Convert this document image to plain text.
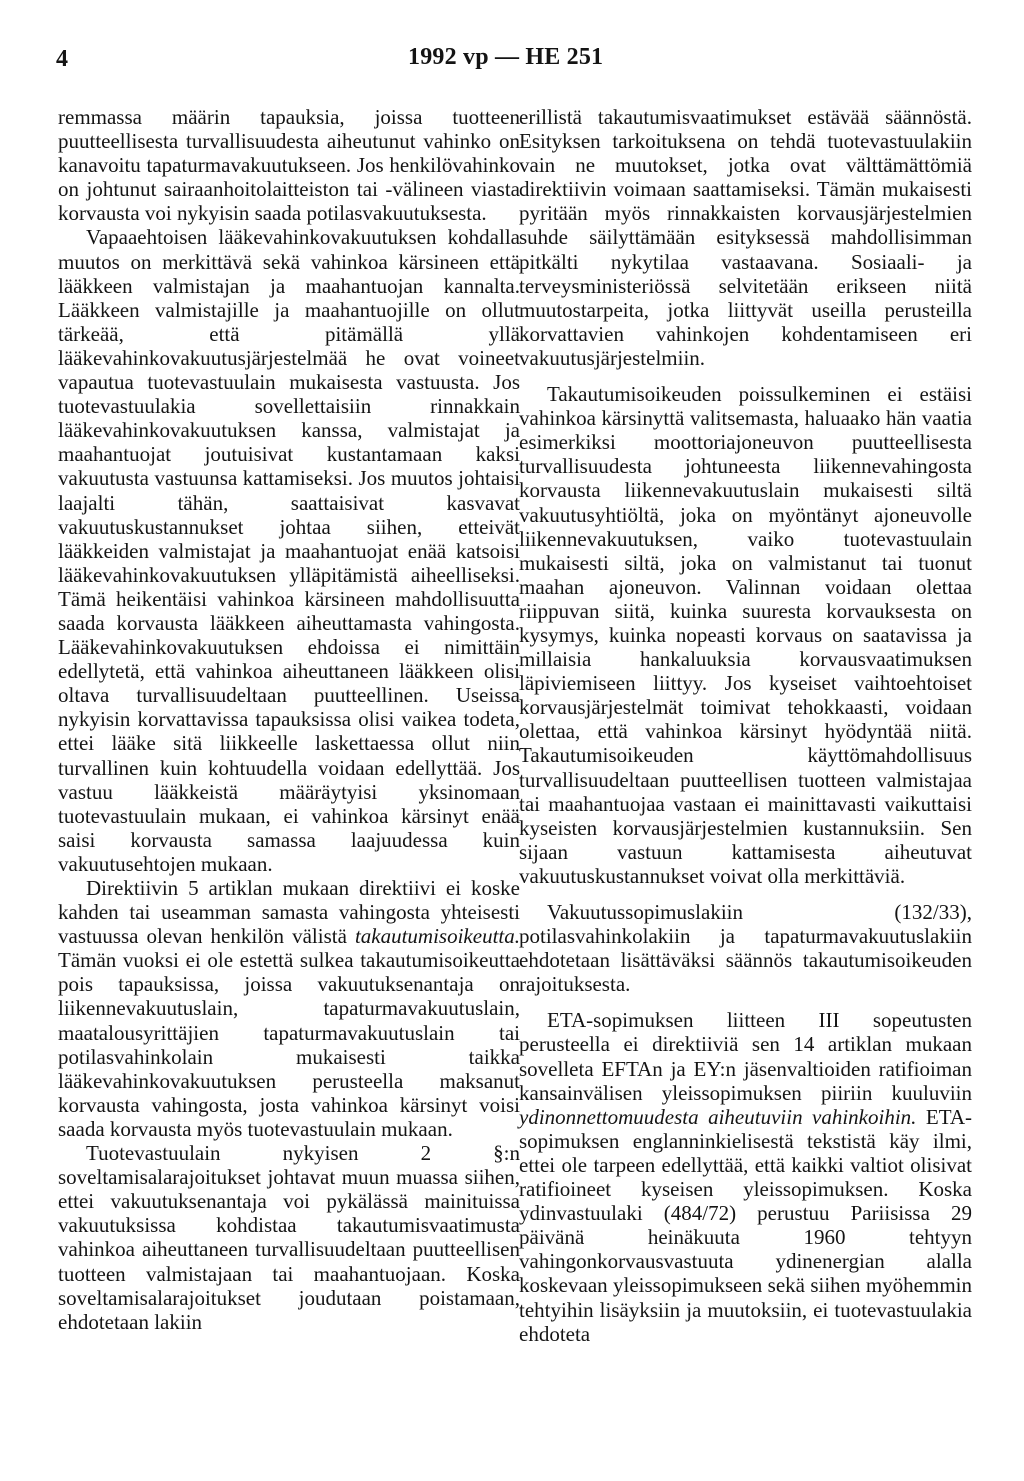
4	1992 vp — HE 251

remmassa määrin tapauksia, joissa tuotteen puutteellisesta turvallisuudesta aiheutunut vahinko on kanavoitu tapaturmavakuutukseen. Jos henkilövahinko on johtunut sairaanhoitolaitteiston tai -välineen viasta korvausta voi nykyisin saada potilasvakuutuksesta.

Vapaaehtoisen lääkevahinkovakuutuksen kohdalla muutos on merkittävä sekä vahinkoa kärsineen että lääkkeen valmistajan ja maahantuojan kannalta. Lääkkeen valmistajille ja maahantuojille on ollut tärkeää, että pitämällä yllä lääkevahinkovakuutusjärjestelmää he ovat voineet vapautua tuotevastuulain mukaisesta vastuusta. Jos tuotevastuulakia sovellettaisiin rinnakkain lääkevahinkovakuutuksen kanssa, valmistajat ja maahantuojat joutuisivat kustantamaan kaksi vakuutusta vastuunsa kattamiseksi. Jos muutos johtaisi laajalti tähän, saattaisivat kasvavat vakuutuskustannukset johtaa siihen, etteivät lääkkeiden valmistajat ja maahantuojat enää katsoisi lääkevahinkovakuutuksen ylläpitämistä aiheelliseksi. Tämä heikentäisi vahinkoa kärsineen mahdollisuutta saada korvausta lääkkeen aiheuttamasta vahingosta. Lääkevahinkovakuutuksen ehdoissa ei nimittäin edellytetä, että vahinkoa aiheuttaneen lääkkeen olisi oltava turvallisuudeltaan puutteellinen. Useissa nykyisin korvattavissa tapauksissa olisi vaikea todeta, ettei lääke sitä liikkeelle laskettaessa ollut niin turvallinen kuin kohtuudella voidaan edellyttää. Jos vastuu lääkkeistä määräytyisi yksinomaan tuotevastuulain mukaan, ei vahinkoa kärsinyt enää saisi korvausta samassa laajuudessa kuin vakuutusehtojen mukaan.

Direktiivin 5 artiklan mukaan direktiivi ei koske kahden tai useamman samasta vahingosta yhteisesti vastuussa olevan henkilön välistä takautumisoikeutta. Tämän vuoksi ei ole estettä sulkea takautumisoikeutta pois tapauksissa, joissa vakuutuksenantaja on liikennevakuutuslain, tapaturmavakuutuslain, maatalousyrittäjien tapaturmavakuutuslain tai potilasvahinkolain mukaisesti taikka lääkevahinkovakuutuksen perusteella maksanut korvausta vahingosta, josta vahinkoa kärsinyt voisi saada korvausta myös tuotevastuulain mukaan.

Tuotevastuulain nykyisen 2 §:n soveltamisalarajoitukset johtavat muun muassa siihen, ettei vakuutuksenantaja voi pykälässä mainituissa vakuutuksissa kohdistaa takautumisvaatimusta vahinkoa aiheuttaneen turvallisuudeltaan puutteellisen tuotteen valmistajaan tai maahantuojaan. Koska soveltamisalarajoitukset joudutaan poistamaan, ehdotetaan lakiin

erillistä takautumisvaatimukset estävää säännöstä. Esityksen tarkoituksena on tehdä tuotevastuulakiin vain ne muutokset, jotka ovat välttämättömiä direktiivin voimaan saattamiseksi. Tämän mukaisesti pyritään myös rinnakkaisten korvausjärjestelmien suhde säilyttämään esityksessä mahdollisimman pitkälti nykytilaa vastaavana. Sosiaali- ja terveysministeriössä selvitetään erikseen niitä muutostarpeita, jotka liittyvät useilla perusteilla korvattavien vahinkojen kohdentamiseen eri vakuutusjärjestelmiin.

Takautumisoikeuden poissulkeminen ei estäisi vahinkoa kärsinyttä valitsemasta, haluaako hän vaatia esimerkiksi moottoriajoneuvon puutteellisesta turvallisuudesta johtuneesta liikennevahingosta korvausta liikennevakuutuslain mukaisesti siltä vakuutusyhtiöltä, joka on myöntänyt ajoneuvolle liikennevakuutuksen, vaiko tuotevastuulain mukaisesti siltä, joka on valmistanut tai tuonut maahan ajoneuvon. Valinnan voidaan olettaa riippuvan siitä, kuinka suuresta korvauksesta on kysymys, kuinka nopeasti korvaus on saatavissa ja millaisia hankaluuksia korvausvaatimuksen läpiviemiseen liittyy. Jos kyseiset vaihtoehtoiset korvausjärjestelmät toimivat tehokkaasti, voidaan olettaa, että vahinkoa kärsinyt hyödyntää niitä. Takautumisoikeuden käyttömahdollisuus turvallisuudeltaan puutteellisen tuotteen valmistajaa tai maahantuojaa vastaan ei mainittavasti vaikuttaisi kyseisten korvausjärjestelmien kustannuksiin. Sen sijaan vastuun kattamisesta aiheutuvat vakuutuskustannukset voivat olla merkittäviä.

Vakuutussopimuslakiin (132/33), potilasvahinkolakiin ja tapaturmavakuutuslakiin ehdotetaan lisättäväksi säännös takautumisoikeuden rajoituksesta.

ETA-sopimuksen liitteen III sopeutusten perusteella ei direktiiviä sen 14 artiklan mukaan sovelleta EFTAn ja EY:n jäsenvaltioiden ratifioiman kansainvälisen yleissopimuksen piiriin kuuluviin ydinonnettomuudesta aiheutuviin vahinkoihin. ETA-sopimuksen englanninkielisestä tekstistä käy ilmi, ettei ole tarpeen edellyttää, että kaikki valtiot olisivat ratifioineet kyseisen yleissopimuksen. Koska ydinvastuulaki (484/72) perustuu Pariisissa 29 päivänä heinäkuuta 1960 tehtyyn vahingonkorvausvastuuta ydinenergian alalla koskevaan yleissopimukseen sekä siihen myöhemmin tehtyihin lisäyksiin ja muutoksiin, ei tuotevastuulakia ehdoteta
